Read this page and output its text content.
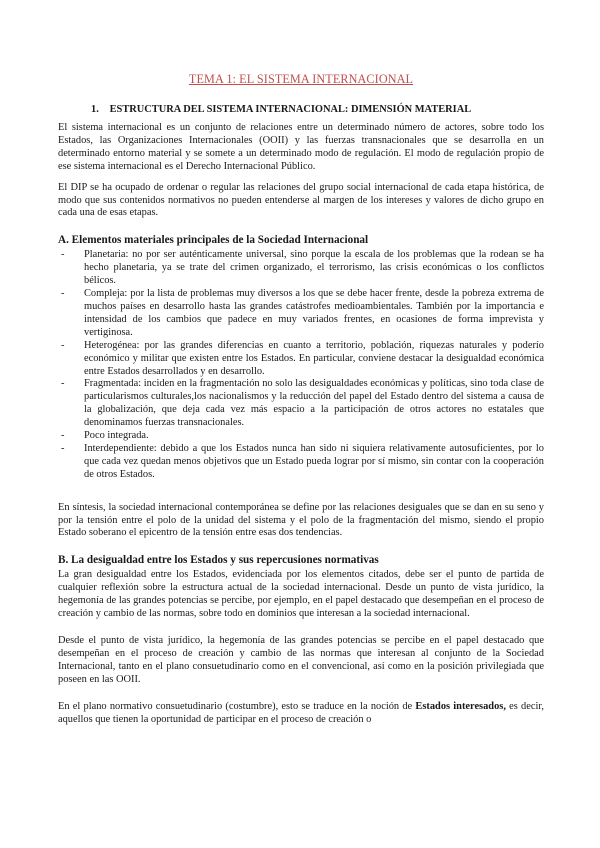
TEMA 1: EL SISTEMA INTERNACIONAL
1. ESTRUCTURA DEL SISTEMA INTERNACIONAL: DIMENSIÓN MATERIAL

El sistema internacional es un conjunto de relaciones entre un determinado número de actores, sobre todo los Estados, las Organizaciones Internacionales (OOII) y las fuerzas transnacionales que se desarrolla en un determinado entorno material y se somete a un determinado modo de regulación. El modo de regulación propio de ese sistema internacional es el Derecho Internacional Público.

El DIP se ha ocupado de ordenar o regular las relaciones del grupo social internacional de cada etapa histórica, de modo que sus contenidos normativos no pueden entenderse al margen de los intereses y valores de dicho grupo en cada una de esas etapas.

A. Elementos materiales principales de la Sociedad Internacional
- Planetaria: no por ser auténticamente universal, sino porque la escala de los problemas que la rodean se ha hecho planetaria, ya se trate del crimen organizado, el terrorismo, las crisis económicas o los conflictos bélicos.
- Compleja: por la lista de problemas muy diversos a los que se debe hacer frente, desde la pobreza extrema de muchos países en desarrollo hasta las grandes catástrofes medioambientales. También por la importancia e intensidad de los cambios que padece en muy variados frentes, en ocasiones de forma imprevista y vertiginosa.
- Heterogénea: por las grandes diferencias en cuanto a territorio, población, riquezas naturales y poderío económico y militar que existen entre los Estados. En particular, conviene destacar la desigualdad económica entre Estados desarrollados y en desarrollo.
- Fragmentada: inciden en la fragmentación no solo las desigualdades económicas y políticas, sino toda clase de particularismos culturales,los nacionalismos y la reducción del papel del Estado dentro del sistema a causa de la globalización, que deja cada vez más espacio a la participación de otros actores no estatales que denominamos fuerzas transnacionales.
- Poco integrada.
- Interdependiente: debido a que los Estados nunca han sido ni siquiera relativamente autosuficientes, por lo que cada vez quedan menos objetivos que un Estado pueda lograr por sí mismo, sin contar con la cooperación de otros Estados.

En síntesis, la sociedad internacional contemporánea se define por las relaciones desiguales que se dan en su seno y por la tensión entre el polo de la unidad del sistema y el polo de la fragmentación del mismo, siendo el propio Estado soberano el epicentro de la tensión entre esas dos tendencias.

B. La desigualdad entre los Estados y sus repercusiones normativas

La gran desigualdad entre los Estados, evidenciada por los elementos citados, debe ser el punto de partida de cualquier reflexión sobre la estructura actual de la sociedad internacional. Desde un punto de vista jurídico, la hegemonía de las grandes potencias se percibe, por ejemplo, en el papel destacado que desempeñan en el proceso de creación y cambio de las normas, sobre todo en dominios que interesan a la sociedad internacional.

Desde el punto de vista jurídico, la hegemonía de las grandes potencias se percibe en el papel destacado que desempeñan en el proceso de creación y cambio de las normas que interesan al conjunto de la Sociedad Internacional, tanto en el plano consuetudinario como en el convencional, así como en la posición privilegiada que poseen en las OOII.

En el plano normativo consuetudinario (costumbre), esto se traduce en la noción de Estados interesados, es decir, aquellos que tienen la oportunidad de participar en el proceso de creación o
